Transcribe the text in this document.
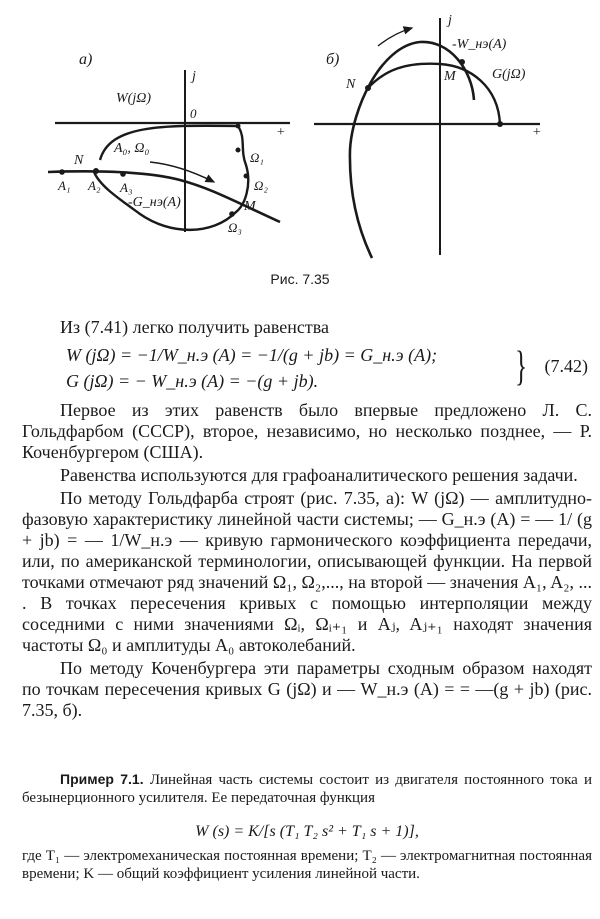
a)
j
+
0
W(jΩ)
N
A₀, Ω₀
A₁ A₂ A₃
-G_нэ(A)
Ω₁
Ω₂
M
Ω₃
б)
j
+
N
M
-W_нэ(A)
G(jΩ)
Рис. 7.35

Из (7.41) легко получить равенства

W (jΩ) = −1/W_н.э (A) = −1/(g + jb) = G_н.э (A);
G (jΩ) = − W_н.э (A) = −(g + jb).	} (7.42)

Первое из этих равенств было впервые предложено Л. С. Гольдфарбом (СССР), второе, независимо, но несколько позднее, — Р. Коченбургером (США).

Равенства используются для графоаналитического решения задачи.

По методу Гольдфарба строят (рис. 7.35, а): W (jΩ) — амплитудно-фазовую характеристику линейной части системы; — G_н.э (A) = — 1/ (g + jb) = — 1/W_н.э — кривую гармонического коэффициента передачи, или, по американской терминологии, описывающей функции. На первой точками отмечают ряд значений Ω₁, Ω₂,..., на второй — значения A₁, A₂, ... . В точках пересечения кривых с помощью интерполяции между соседними с ними значениями Ωᵢ, Ωᵢ₊₁ и Aⱼ, Aⱼ₊₁ находят значения частоты Ω₀ и амплитуды A₀ автоколебаний.

По методу Коченбургера эти параметры сходным образом находят по точкам пересечения кривых G (jΩ) и — W_н.э (A) = = —(g + jb) (рис. 7.35, б).

Пример 7.1. Линейная часть системы состоит из двигателя постоянного тока и безынерционного усилителя. Ее передаточная функция

W (s) = K/[s (T₁ T₂ s² + T₁ s + 1)],

где T₁ — электромеханическая постоянная времени; T₂ — электромагнитная постоянная времени; K — общий коэффициент усиления линейной части.
